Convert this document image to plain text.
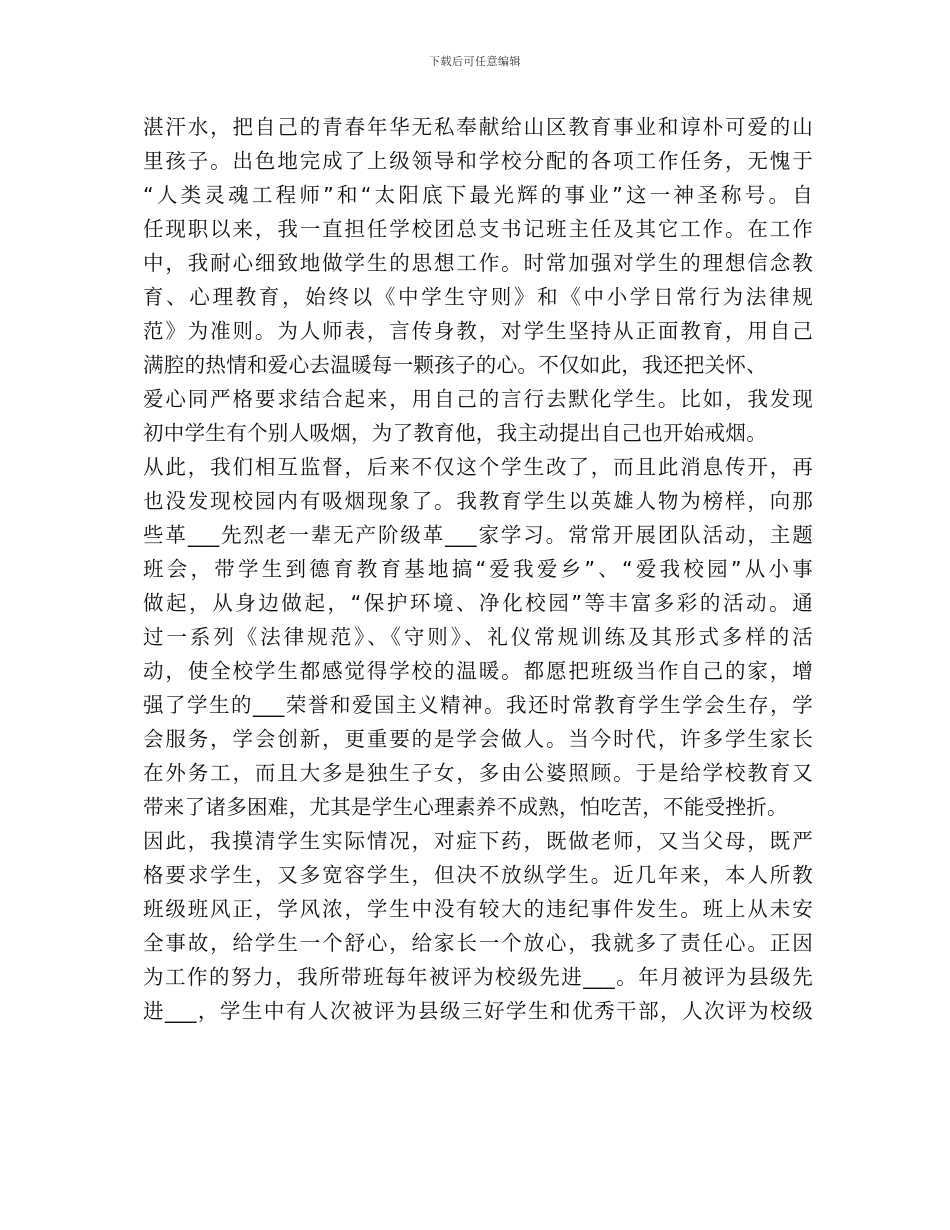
下载后可任意编辑
湛汗水，把自己的青春年华无私奉献给山区教育事业和谆朴可爱的山
里孩子。出色地完成了上级领导和学校分配的各项工作任务，无愧于
“人类灵魂工程师”和“太阳底下最光辉的事业”这一神圣称号。自
任现职以来，我一直担任学校团总支书记班主任及其它工作。在工作
中，我耐心细致地做学生的思想工作。时常加强对学生的理想信念教
育、心理教育，始终以《中学生守则》和《中小学日常行为法律规
范》为准则。为人师表，言传身教，对学生坚持从正面教育，用自己
满腔的热情和爱心去温暖每一颗孩子的心。不仅如此，我还把关怀、
爱心同严格要求结合起来，用自己的言行去默化学生。比如，我发现
初中学生有个别人吸烟，为了教育他，我主动提出自己也开始戒烟。
从此，我们相互监督，后来不仅这个学生改了，而且此消息传开，再
也没发现校园内有吸烟现象了。我教育学生以英雄人物为榜样，向那
些革___先烈老一辈无产阶级革___家学习。常常开展团队活动，主题
班会，带学生到德育教育基地搞“爱我爱乡”、“爱我校园”从小事
做起，从身边做起，“保护环境、净化校园”等丰富多彩的活动。通
过一系列《法律规范》、《守则》、礼仪常规训练及其形式多样的活
动，使全校学生都感觉得学校的温暖。都愿把班级当作自己的家，增
强了学生的___荣誉和爱国主义精神。我还时常教育学生学会生存，学
会服务，学会创新，更重要的是学会做人。当今时代，许多学生家长
在外务工，而且大多是独生子女，多由公婆照顾。于是给学校教育又
带来了诸多困难，尤其是学生心理素养不成熟，怕吃苦，不能受挫折。
因此，我摸清学生实际情况，对症下药，既做老师，又当父母，既严
格要求学生，又多宽容学生，但决不放纵学生。近几年来，本人所教
班级班风正，学风浓，学生中没有较大的违纪事件发生。班上从未安
全事故，给学生一个舒心，给家长一个放心，我就多了责任心。正因
为工作的努力，我所带班每年被评为校级先进___。年月被评为县级先
进___，学生中有人次被评为县级三好学生和优秀干部，人次评为校级
